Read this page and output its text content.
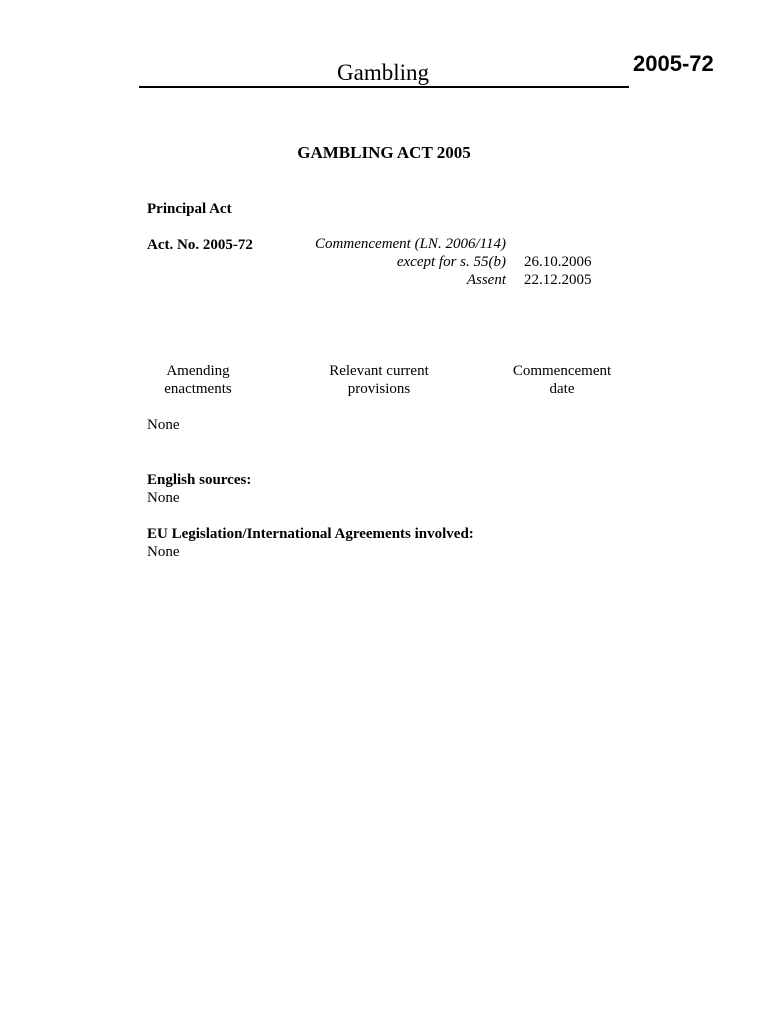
Gambling	2005-72
GAMBLING ACT 2005
Principal Act
Act. No. 2005-72	Commencement (LN. 2006/114)
except for s. 55(b)
Assent
26.10.2006
22.12.2005
Amending
enactments
Relevant current
provisions
Commencement
date
None
English sources:
None
EU Legislation/International Agreements involved:
None
